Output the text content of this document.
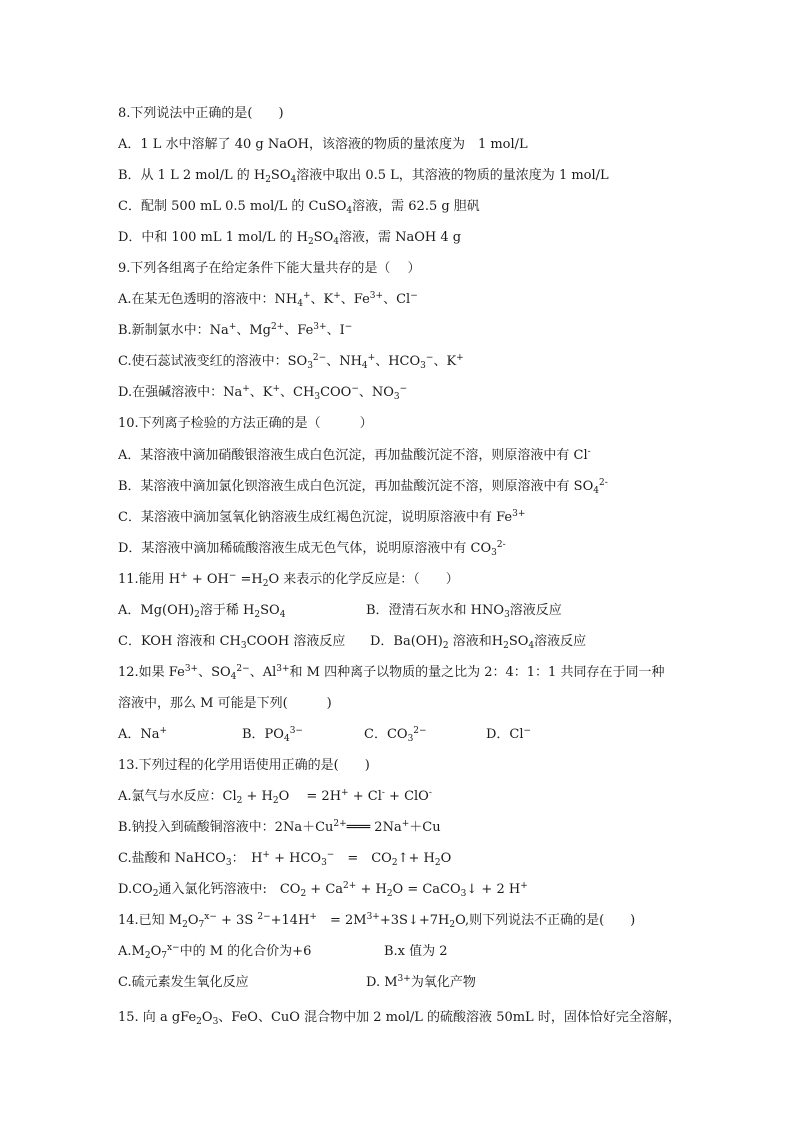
8.下列说法中正确的是(　　)
A．1 L 水中溶解了 40 g NaOH，该溶液的物质的量浓度为　1 mol/L
B．从 1 L 2 mol/L 的 $H_2SO_4$溶液中取出 0.5 L，其溶液的物质的量浓度为 1 mol/L
C．配制 500 mL 0.5 mol/L 的 CuSO$_4$溶液，需 62.5 g 胆矾
D．中和 100 mL 1 mol/L 的 $H_2SO_4$溶液，需 NaOH 4 g
9.下列各组离子在给定条件下能大量共存的是（　 ）
A.在某无色透明的溶液中：$NH_4^+$、K+、$Fe^{3+}$、Cl−
B.新制氯水中：Na+、$Mg^{2+}$、$Fe^{3+}$、I−
C.使石蕊试液变红的溶液中：$SO_3^{2-}$、$NH_4^+$、$HCO_3^-$、K+
D.在强碱溶液中：Na+、K+、$CH_3COO^-$、$NO_3^-$
10.下列离子检验的方法正确的是（　　　）
A．某溶液中滴加硝酸银溶液生成白色沉淀，再加盐酸沉淀不溶，则原溶液中有 Cl-
B．某溶液中滴加氯化钡溶液生成白色沉淀，再加盐酸沉淀不溶，则原溶液中有 $SO_4^{2-}$
C．某溶液中滴加氢氧化钠溶液生成红褐色沉淀，说明原溶液中有 $Fe^{3+}$
D．某溶液中滴加稀硫酸溶液生成无色气体，说明原溶液中有 $CO_3^{2-}$
11.能用 $H^+ + OH^- =H_2O$ 来表示的化学反应是：（　　）
A．$Mg(OH)_2$溶于稀 $H_2SO_4$	B．澄清石灰水和 $HNO_3$溶液反应
C．KOH 溶液和 $CH_3COOH$ 溶液反应 D．$Ba(OH)_2$ 溶液和$H_2SO_4$溶液反应
12.如果 $Fe^{3+}$、$SO_4^{2-}$、$Al^{3+}$和 M 四种离子以物质的量之比为 2：4：1：1 共同存在于同一种
溶液中，那么 M 可能是下列(　　　)
A．Na+	B．$PO_4^{3-}$	C．$CO_3^{2-}$	D．Cl−
13.下列过程的化学用语使用正确的是(　　)
A.氯气与水反应：$Cl_2 + H_2O$　 = 2H+ + Cl- + ClO-
B.钠投入到硫酸铜溶液中：$2Na+Cu^{2+}═══$ 2Na+＋Cu
C.盐酸和 NaHCO$_3$：　$H^+ + HCO_3^-$　=　$CO_2↑+ H_2O$
$D.CO_2$通入氯化钙溶液中:　$CO_2 + Ca^{2+} + H_2O$ = CaCO$_3$↓ + 2 H+
14.已知 $M_2O_7^{x-} + 3S$ $^{2-}$+14H+　= $2M^{3+}+3S↓+7H_2O$,则下列说法不正确的是(　　)
$A.M_2O_7^{x-}$中的 M 的化合价为+6	B.x 值为 2
C.硫元素发生氧化反应	D. $M^{3+}$为氧化产物
15. 向 a $gFe_2O_3$、FeO、CuO 混合物中加 2 mol/L 的硫酸溶液 50mL 时，固体恰好完全溶解，
